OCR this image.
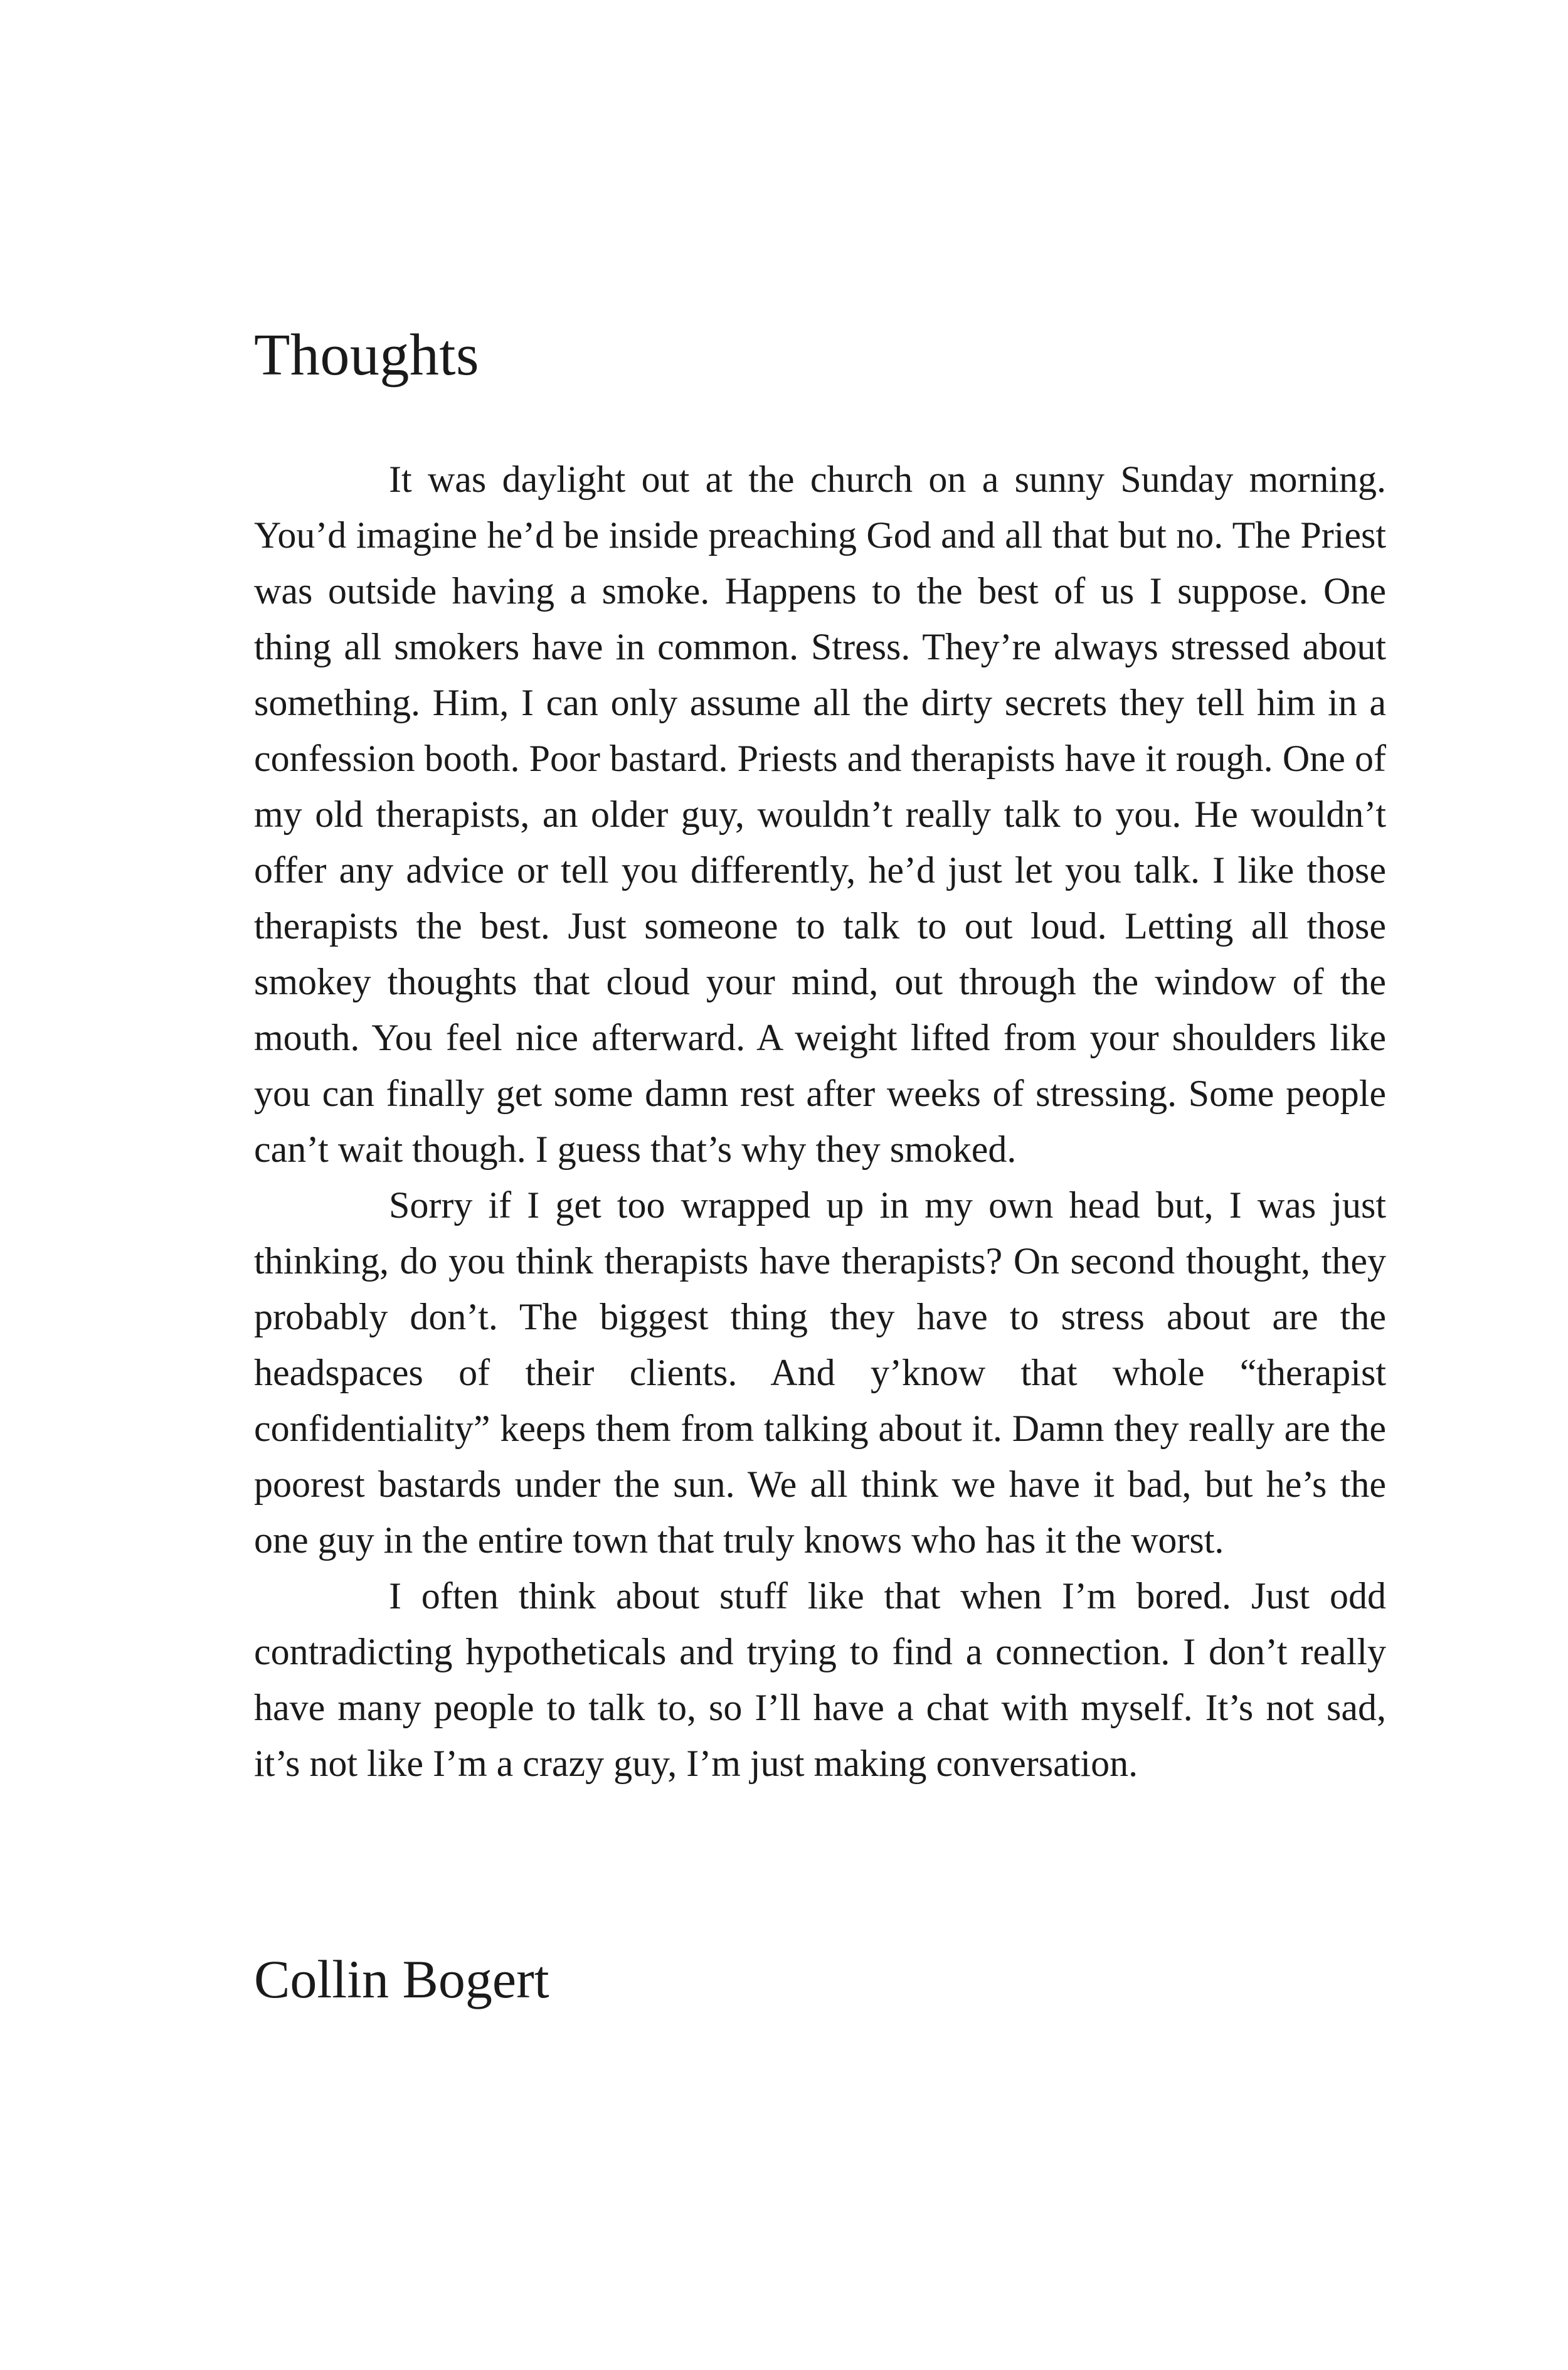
Thoughts

It was daylight out at the church on a sunny Sunday morning. You’d imagine he’d be inside preaching God and all that but no. The Priest was outside having a smoke. Happens to the best of us I suppose. One thing all smokers have in common. Stress. They’re always stressed about something. Him, I can only assume all the dirty secrets they tell him in a confession booth. Poor bastard. Priests and therapists have it rough. One of my old therapists, an older guy, wouldn’t really talk to you. He wouldn’t offer any advice or tell you differently, he’d just let you talk. I like those therapists the best. Just someone to talk to out loud. Letting all those smokey thoughts that cloud your mind, out through the window of the mouth. You feel nice afterward. A weight lifted from your shoulders like you can finally get some damn rest after weeks of stressing. Some people can’t wait though. I guess that’s why they smoked.

Sorry if I get too wrapped up in my own head but, I was just thinking, do you think therapists have therapists? On second thought, they probably don’t. The biggest thing they have to stress about are the headspaces of their clients. And y’know that whole “therapist confidentiality” keeps them from talking about it. Damn they really are the poorest bastards under the sun. We all think we have it bad, but he’s the one guy in the entire town that truly knows who has it the worst.

I often think about stuff like that when I’m bored. Just odd contradicting hypotheticals and trying to find a connection. I don’t really have many people to talk to, so I’ll have a chat with myself. It’s not sad, it’s not like I’m a crazy guy, I’m just making conversation.

Collin Bogert
